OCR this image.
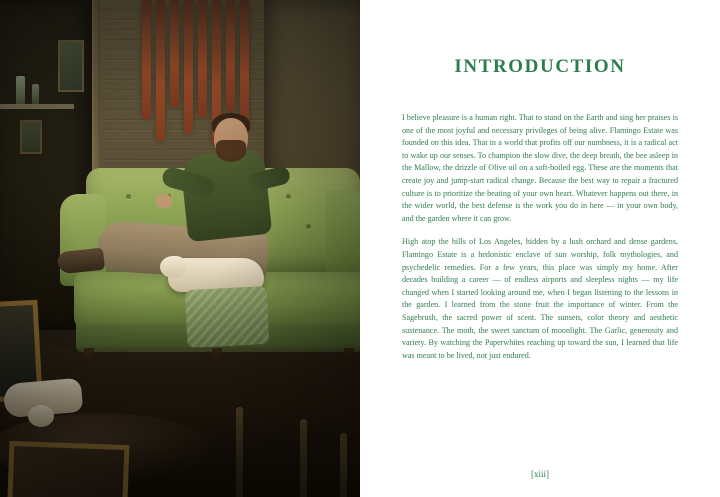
INTRODUCTION

I believe pleasure is a human right. That to stand on the Earth and sing her praises is one of the most joyful and necessary privileges of being alive. Flamingo Estate was founded on this idea. That in a world that profits off our numbness, it is a radical act to wake up our senses. To champion the slow dive, the deep breath, the bee asleep in the Mallow, the drizzle of Olive oil on a soft-boiled egg. These are the moments that create joy and jump-start radical change. Because the best way to repair a fractured culture is to prioritize the beating of your own heart. Whatever happens out there, in the wider world, the best defense is the work you do in here — in your own body, and the garden where it can grow.

High atop the hills of Los Angeles, hidden by a lush orchard and dense gardens, Flamingo Estate is a hedonistic enclave of sun worship, folk mythologies, and psychedelic remedies. For a few years, this place was simply my home. After decades building a career — of endless airports and sleepless nights — my life changed when I started looking around me, when I began listening to the lessons in the garden. I learned from the stone fruit the importance of winter. From the Sagebrush, the sacred power of scent. The sunsets, color theory and aesthetic sustenance. The moth, the sweet sanctum of moonlight. The Garlic, generosity and variety. By watching the Paperwhites reaching up toward the sun, I learned that life was meant to be lived, not just endured.

[xiii]
